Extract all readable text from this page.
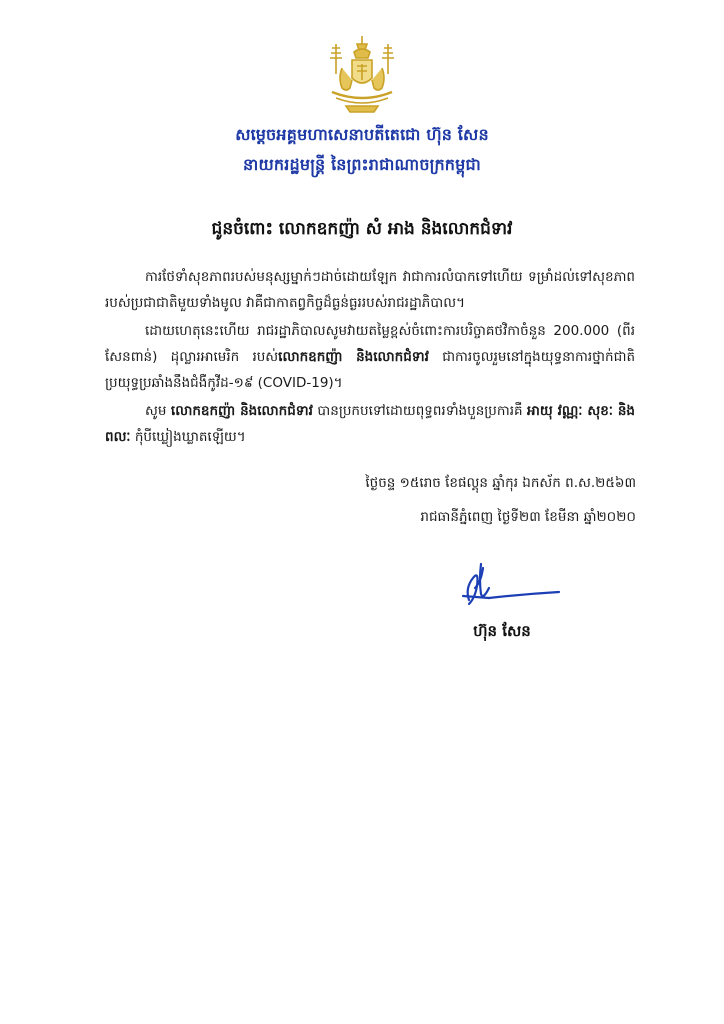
សម្ដេចអគ្គមហាសេនាបតីតេជោ ហ៊ុន សែន
នាយករដ្ឋមន្ត្រី នៃព្រះរាជាណាចក្រកម្ពុជា
ជូនចំពោះ លោកឧកញ៉ា សំ អាង និងលោកជំទាវ
ការថែទាំសុខភាពរបស់មនុស្សម្នាក់ៗដាច់ដោយឡែក វាជាការលំបាកទៅហើយ ទម្រាំដល់ទៅសុខភាពរបស់ប្រជាជាតិមួយទាំងមូល វាគឺជាកាតព្វកិច្ចដ៏ធ្ងន់ធ្ងររបស់រាជរដ្ឋាភិបាល។
ដោយហេតុនេះហើយ រាជរដ្ឋាភិបាលសូមវាយតម្លៃខ្ពស់ចំពោះការបរិច្ចាគថវិកាចំនួន 200.000 (ពីរសែនពាន់) ដុល្លារអាមេរិក របស់លោកឧកញ៉ា និងលោកជំទាវ ជាការចូលរួមនៅក្នុងយុទ្ធនាការថ្នាក់ជាតិ ប្រយុទ្ធប្រឆាំងនឹងជំងឺកូវីដ-១៩ (COVID-19)។
សូម លោកឧកញ៉ា និងលោកជំទាវ បានប្រកបទៅដោយពុទ្ធពរទាំងបួនប្រការគឺ អាយុ វណ្ណៈ សុខៈ និង ពលៈ កុំបីឃ្លៀងឃ្លាតឡើយ។
ថ្ងៃចន្ទ ១៥រោច ខែផល្គុន ឆ្នាំកុរ ឯកស័ក ព.ស.២៥៦៣
រាជធានីភ្នំពេញ ថ្ងៃទី២៣ ខែមីនា ឆ្នាំ២០២០
ហ៊ុន សែន
